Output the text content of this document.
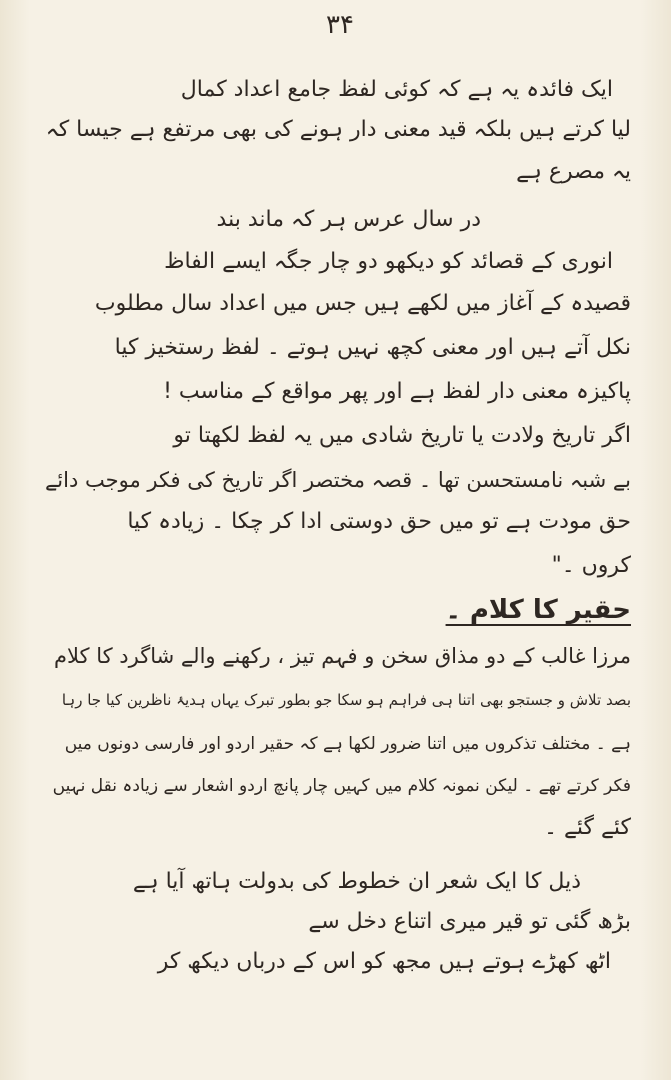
۳۴
ایک فائدہ یہ ہے کہ کوئی لفظ جامع اعداد کمال
لیا کرتے ہیں بلکہ قید معنی دار ہونے کی بھی مرتفع ہے جیسا کہ
یہ مصرع ہے
در سال عرس ہر کہ ماند بند
انوری کے قصائد کو دیکھو دو چار جگہ ایسے الفاظ
قصیدہ کے آغاز میں لکھے ہیں جس میں اعداد سال مطلوب
نکل آتے ہیں اور معنی کچھ نہیں ہوتے ۔ لفظ رستخیز کیا
پاکیزہ معنی دار لفظ ہے اور پھر مواقع کے مناسب !
اگر تاریخ ولادت یا تاریخ شادی میں یہ لفظ لکھتا تو
بے شبہ نامستحسن تھا ۔ قصہ مختصر اگر تاریخ کی فکر موجب دائے
حق مودت ہے تو میں حق دوستی ادا کر چکا ۔ زیادہ کیا
کروں ۔"
حقیر کا کلام ۔
مرزا غالب کے دو مذاق سخن و فہم تیز ، رکھنے والے شاگرد کا کلام
بصد تلاش و جستجو بھی اتنا ہی فراہم ہو سکا جو بطور تبرک یہاں ہدیۂ ناظرین کیا جا رہا
ہے ۔ مختلف تذکروں میں اتنا ضرور لکھا ہے کہ حقیر اردو اور فارسی دونوں میں
فکر کرتے تھے ۔ لیکن نمونہ کلام میں کہیں چار پانچ اردو اشعار سے زیادہ نقل نہیں
کئے گئے ۔
ذیل کا ایک شعر ان خطوط کی بدولت ہاتھ آیا ہے
بڑھ گئی تو قیر میری اتناع دخل سے
اٹھ کھڑے ہوتے ہیں مجھ کو اس کے درباں دیکھ کر
